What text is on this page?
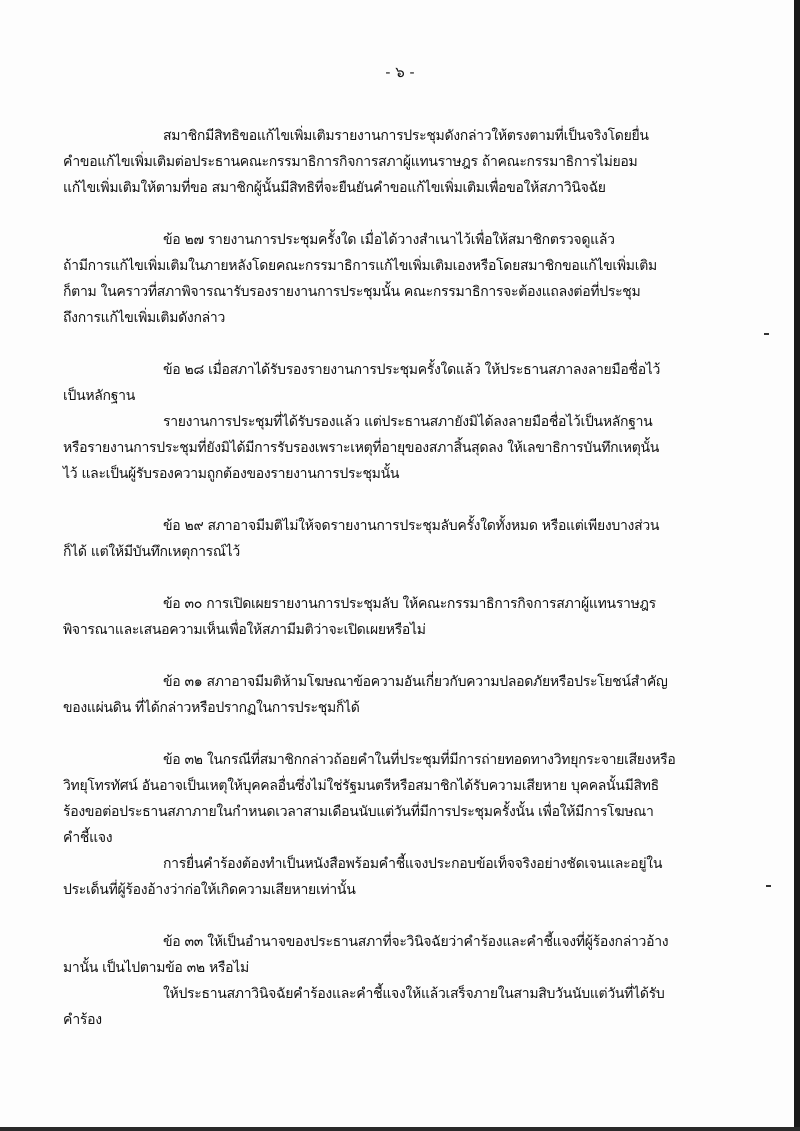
- ๖ -
สมาชิกมีสิทธิขอแก้ไขเพิ่มเติมรายงานการประชุมดังกล่าวให้ตรงตามที่เป็นจริงโดยยื่น
คำขอแก้ไขเพิ่มเติมต่อประธานคณะกรรมาธิการกิจการสภาผู้แทนราษฎร ถ้าคณะกรรมาธิการไม่ยอม
แก้ไขเพิ่มเติมให้ตามที่ขอ สมาชิกผู้นั้นมีสิทธิที่จะยืนยันคำขอแก้ไขเพิ่มเติมเพื่อขอให้สภาวินิจฉัย
ข้อ ๒๗ รายงานการประชุมครั้งใด เมื่อได้วางสำเนาไว้เพื่อให้สมาชิกตรวจดูแล้ว
ถ้ามีการแก้ไขเพิ่มเติมในภายหลังโดยคณะกรรมาธิการแก้ไขเพิ่มเติมเองหรือโดยสมาชิกขอแก้ไขเพิ่มเติม
ก็ตาม ในคราวที่สภาพิจารณารับรองรายงานการประชุมนั้น คณะกรรมาธิการจะต้องแถลงต่อที่ประชุม
ถึงการแก้ไขเพิ่มเติมดังกล่าว
ข้อ ๒๘ เมื่อสภาได้รับรองรายงานการประชุมครั้งใดแล้ว ให้ประธานสภาลงลายมือชื่อไว้
เป็นหลักฐาน
รายงานการประชุมที่ได้รับรองแล้ว แต่ประธานสภายังมิได้ลงลายมือชื่อไว้เป็นหลักฐาน
หรือรายงานการประชุมที่ยังมิได้มีการรับรองเพราะเหตุที่อายุของสภาสิ้นสุดลง ให้เลขาธิการบันทึกเหตุนั้น
ไว้ และเป็นผู้รับรองความถูกต้องของรายงานการประชุมนั้น
ข้อ ๒๙ สภาอาจมีมติไม่ให้จดรายงานการประชุมลับครั้งใดทั้งหมด หรือแต่เพียงบางส่วน
ก็ได้ แต่ให้มีบันทึกเหตุการณ์ไว้
ข้อ ๓๐ การเปิดเผยรายงานการประชุมลับ ให้คณะกรรมาธิการกิจการสภาผู้แทนราษฎร
พิจารณาและเสนอความเห็นเพื่อให้สภามีมติว่าจะเปิดเผยหรือไม่
ข้อ ๓๑ สภาอาจมีมติห้ามโฆษณาข้อความอันเกี่ยวกับความปลอดภัยหรือประโยชน์สำคัญ
ของแผ่นดิน ที่ได้กล่าวหรือปรากฏในการประชุมก็ได้
ข้อ ๓๒ ในกรณีที่สมาชิกกล่าวถ้อยคำในที่ประชุมที่มีการถ่ายทอดทางวิทยุกระจายเสียงหรือ
วิทยุโทรทัศน์ อันอาจเป็นเหตุให้บุคคลอื่นซึ่งไม่ใช่รัฐมนตรีหรือสมาชิกได้รับความเสียหาย บุคคลนั้นมีสิทธิ
ร้องขอต่อประธานสภาภายในกำหนดเวลาสามเดือนนับแต่วันที่มีการประชุมครั้งนั้น เพื่อให้มีการโฆษณา
คำชี้แจง
การยื่นคำร้องต้องทำเป็นหนังสือพร้อมคำชี้แจงประกอบข้อเท็จจริงอย่างชัดเจนและอยู่ใน
ประเด็นที่ผู้ร้องอ้างว่าก่อให้เกิดความเสียหายเท่านั้น
ข้อ ๓๓ ให้เป็นอำนาจของประธานสภาที่จะวินิจฉัยว่าคำร้องและคำชี้แจงที่ผู้ร้องกล่าวอ้าง
มานั้น เป็นไปตามข้อ ๓๒ หรือไม่
ให้ประธานสภาวินิจฉัยคำร้องและคำชี้แจงให้แล้วเสร็จภายในสามสิบวันนับแต่วันที่ได้รับ
คำร้อง
